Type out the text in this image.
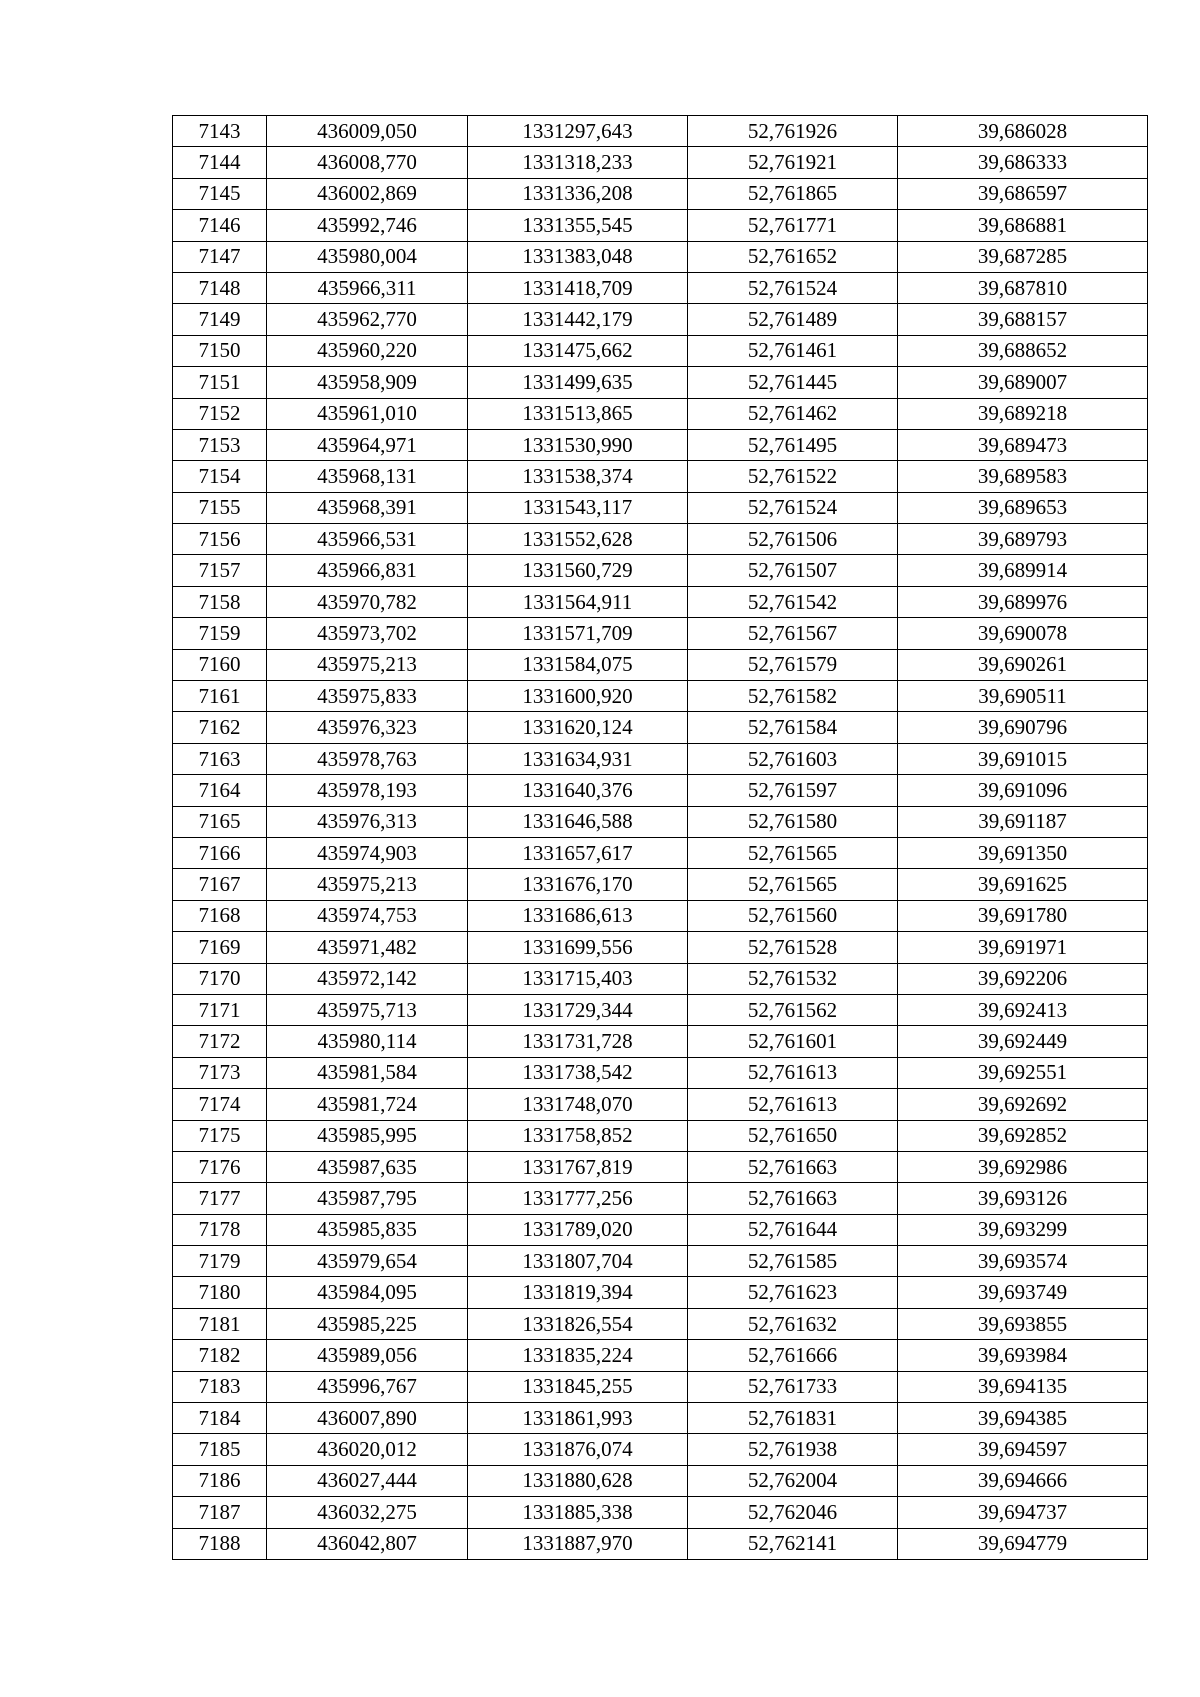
7143	436009,050	1331297,643	52,761926	39,686028
7144	436008,770	1331318,233	52,761921	39,686333
7145	436002,869	1331336,208	52,761865	39,686597
7146	435992,746	1331355,545	52,761771	39,686881
7147	435980,004	1331383,048	52,761652	39,687285
7148	435966,311	1331418,709	52,761524	39,687810
7149	435962,770	1331442,179	52,761489	39,688157
7150	435960,220	1331475,662	52,761461	39,688652
7151	435958,909	1331499,635	52,761445	39,689007
7152	435961,010	1331513,865	52,761462	39,689218
7153	435964,971	1331530,990	52,761495	39,689473
7154	435968,131	1331538,374	52,761522	39,689583
7155	435968,391	1331543,117	52,761524	39,689653
7156	435966,531	1331552,628	52,761506	39,689793
7157	435966,831	1331560,729	52,761507	39,689914
7158	435970,782	1331564,911	52,761542	39,689976
7159	435973,702	1331571,709	52,761567	39,690078
7160	435975,213	1331584,075	52,761579	39,690261
7161	435975,833	1331600,920	52,761582	39,690511
7162	435976,323	1331620,124	52,761584	39,690796
7163	435978,763	1331634,931	52,761603	39,691015
7164	435978,193	1331640,376	52,761597	39,691096
7165	435976,313	1331646,588	52,761580	39,691187
7166	435974,903	1331657,617	52,761565	39,691350
7167	435975,213	1331676,170	52,761565	39,691625
7168	435974,753	1331686,613	52,761560	39,691780
7169	435971,482	1331699,556	52,761528	39,691971
7170	435972,142	1331715,403	52,761532	39,692206
7171	435975,713	1331729,344	52,761562	39,692413
7172	435980,114	1331731,728	52,761601	39,692449
7173	435981,584	1331738,542	52,761613	39,692551
7174	435981,724	1331748,070	52,761613	39,692692
7175	435985,995	1331758,852	52,761650	39,692852
7176	435987,635	1331767,819	52,761663	39,692986
7177	435987,795	1331777,256	52,761663	39,693126
7178	435985,835	1331789,020	52,761644	39,693299
7179	435979,654	1331807,704	52,761585	39,693574
7180	435984,095	1331819,394	52,761623	39,693749
7181	435985,225	1331826,554	52,761632	39,693855
7182	435989,056	1331835,224	52,761666	39,693984
7183	435996,767	1331845,255	52,761733	39,694135
7184	436007,890	1331861,993	52,761831	39,694385
7185	436020,012	1331876,074	52,761938	39,694597
7186	436027,444	1331880,628	52,762004	39,694666
7187	436032,275	1331885,338	52,762046	39,694737
7188	436042,807	1331887,970	52,762141	39,694779
